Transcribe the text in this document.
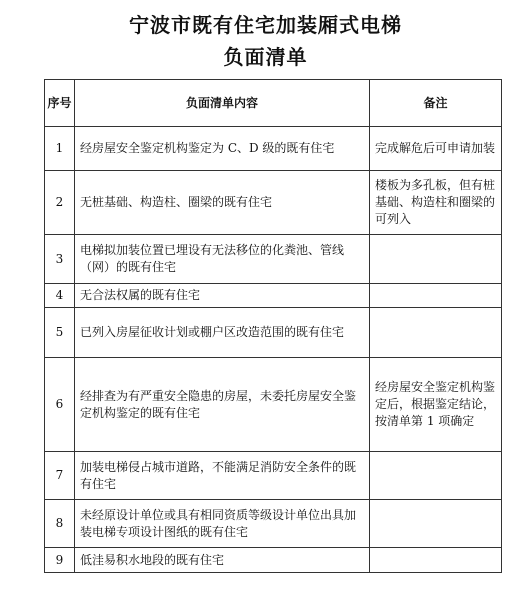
宁波市既有住宅加装厢式电梯
负面清单
序号	负面清单内容	备注
1	经房屋安全鉴定机构鉴定为 C、D 级的既有住宅	完成解危后可申请加装
2	无桩基础、构造柱、圈梁的既有住宅	楼板为多孔板，但有桩基础、构造柱和圈梁的可列入
3	电梯拟加装位置已埋设有无法移位的化粪池、管线（网）的既有住宅	
4	无合法权属的既有住宅	
5	已列入房屋征收计划或棚户区改造范围的既有住宅	
6	经排查为有严重安全隐患的房屋，未委托房屋安全鉴定机构鉴定的既有住宅	经房屋安全鉴定机构鉴定后，根据鉴定结论，按清单第 1 项确定
7	加装电梯侵占城市道路，不能满足消防安全条件的既有住宅	
8	未经原设计单位或具有相同资质等级设计单位出具加装电梯专项设计图纸的既有住宅	
9	低洼易积水地段的既有住宅	
